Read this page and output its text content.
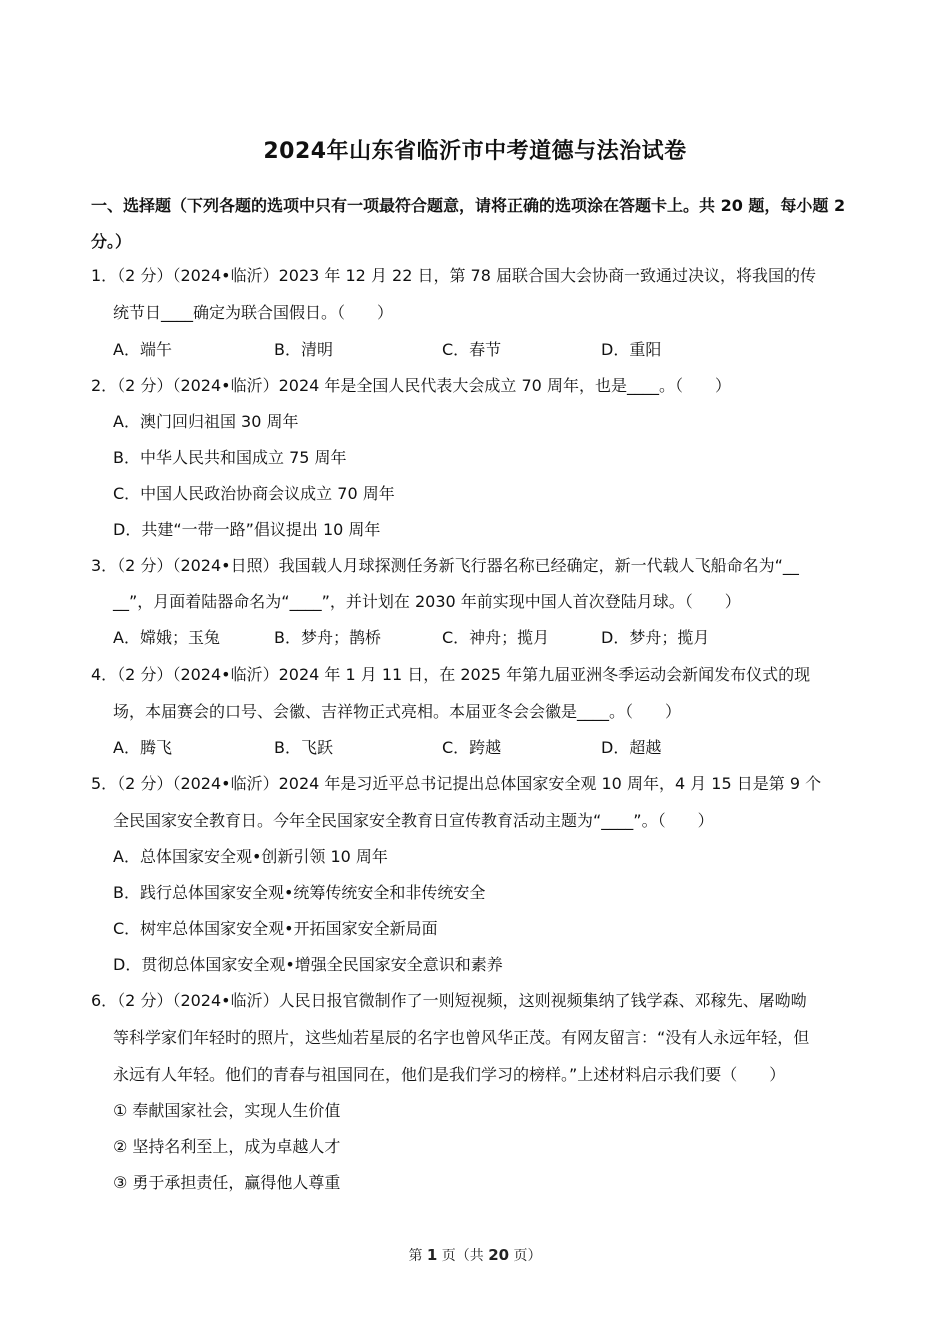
2024年山东省临沂市中考道德与法治试卷
一、选择题（下列各题的选项中只有一项最符合题意，请将正确的选项涂在答题卡上。共 20 题，每小题 2 分。）
1．（2 分）（2024•临沂）2023 年 12 月 22 日，第 78 届联合国大会协商一致通过决议，将我国的传
统节日____确定为联合国假日。（　　）
A．端午	B．清明	C．春节	D．重阳
2．（2 分）（2024•临沂）2024 年是全国人民代表大会成立 70 周年，也是____。（　　）
A．澳门回归祖国 30 周年
B．中华人民共和国成立 75 周年
C．中国人民政治协商会议成立 70 周年
D．共建“一带一路”倡议提出 10 周年
3．（2 分）（2024•日照）我国载人月球探测任务新飞行器名称已经确定，新一代载人飞船命名为“__
__”，月面着陆器命名为“____”，并计划在 2030 年前实现中国人首次登陆月球。（　　）
A．嫦娥；玉兔	B．梦舟；鹊桥	C．神舟；揽月	D．梦舟；揽月
4．（2 分）（2024•临沂）2024 年 1 月 11 日，在 2025 年第九届亚洲冬季运动会新闻发布仪式的现
场，本届赛会的口号、会徽、吉祥物正式亮相。本届亚冬会会徽是____。（　　）
A．腾飞	B．飞跃	C．跨越	D．超越
5．（2 分）（2024•临沂）2024 年是习近平总书记提出总体国家安全观 10 周年，4 月 15 日是第 9 个
全民国家安全教育日。今年全民国家安全教育日宣传教育活动主题为“____”。（　　）
A．总体国家安全观•创新引领 10 周年
B．践行总体国家安全观•统筹传统安全和非传统安全
C．树牢总体国家安全观•开拓国家安全新局面
D．贯彻总体国家安全观•增强全民国家安全意识和素养
6．（2 分）（2024•临沂）人民日报官微制作了一则短视频，这则视频集纳了钱学森、邓稼先、屠呦呦
等科学家们年轻时的照片，这些灿若星辰的名字也曾风华正茂。有网友留言：“没有人永远年轻，但
永远有人年轻。他们的青春与祖国同在，他们是我们学习的榜样。”上述材料启示我们要（　　）
① 奉献国家社会，实现人生价值
② 坚持名利至上，成为卓越人才
③ 勇于承担责任，赢得他人尊重
第 1 页（共 20 页）
